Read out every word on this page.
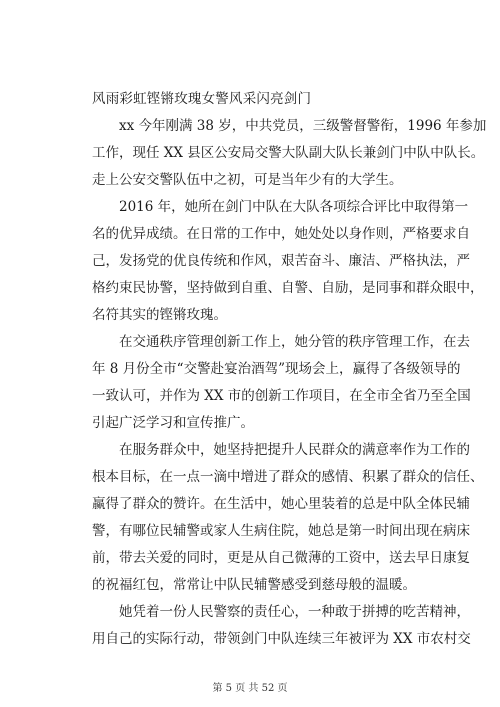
风雨彩虹铿锵玫瑰女警风采闪亮剑门
xx 今年刚满 38 岁，中共党员，三级警督警衔，1996 年参加
工作，现任 XX 县区公安局交警大队副大队长兼剑门中队中队长。
走上公安交警队伍中之初，可是当年少有的大学生。
2016 年，她所在剑门中队在大队各项综合评比中取得第一
名的优异成绩。在日常的工作中，她处处以身作则，严格要求自
己，发扬党的优良传统和作风，艰苦奋斗、廉洁、严格执法，严
格约束民协警，坚持做到自重、自警、自励，是同事和群众眼中，
名符其实的铿锵玫瑰。
在交通秩序管理创新工作上，她分管的秩序管理工作，在去
年 8 月份全市“交警赴宴治酒驾”现场会上，赢得了各级领导的
一致认可，并作为 XX 市的创新工作项目，在全市全省乃至全国
引起广泛学习和宣传推广。
在服务群众中，她坚持把提升人民群众的满意率作为工作的
根本目标，在一点一滴中增进了群众的感情、积累了群众的信任、
赢得了群众的赞许。在生活中，她心里装着的总是中队全体民辅
警，有哪位民辅警或家人生病住院，她总是第一时间出现在病床
前，带去关爱的同时，更是从自己微薄的工资中，送去早日康复
的祝福红包，常常让中队民辅警感受到慈母般的温暖。
她凭着一份人民警察的责任心，一种敢于拼搏的吃苦精神，
用自己的实际行动，带领剑门中队连续三年被评为 XX 市农村交
第 5 页 共 52 页
